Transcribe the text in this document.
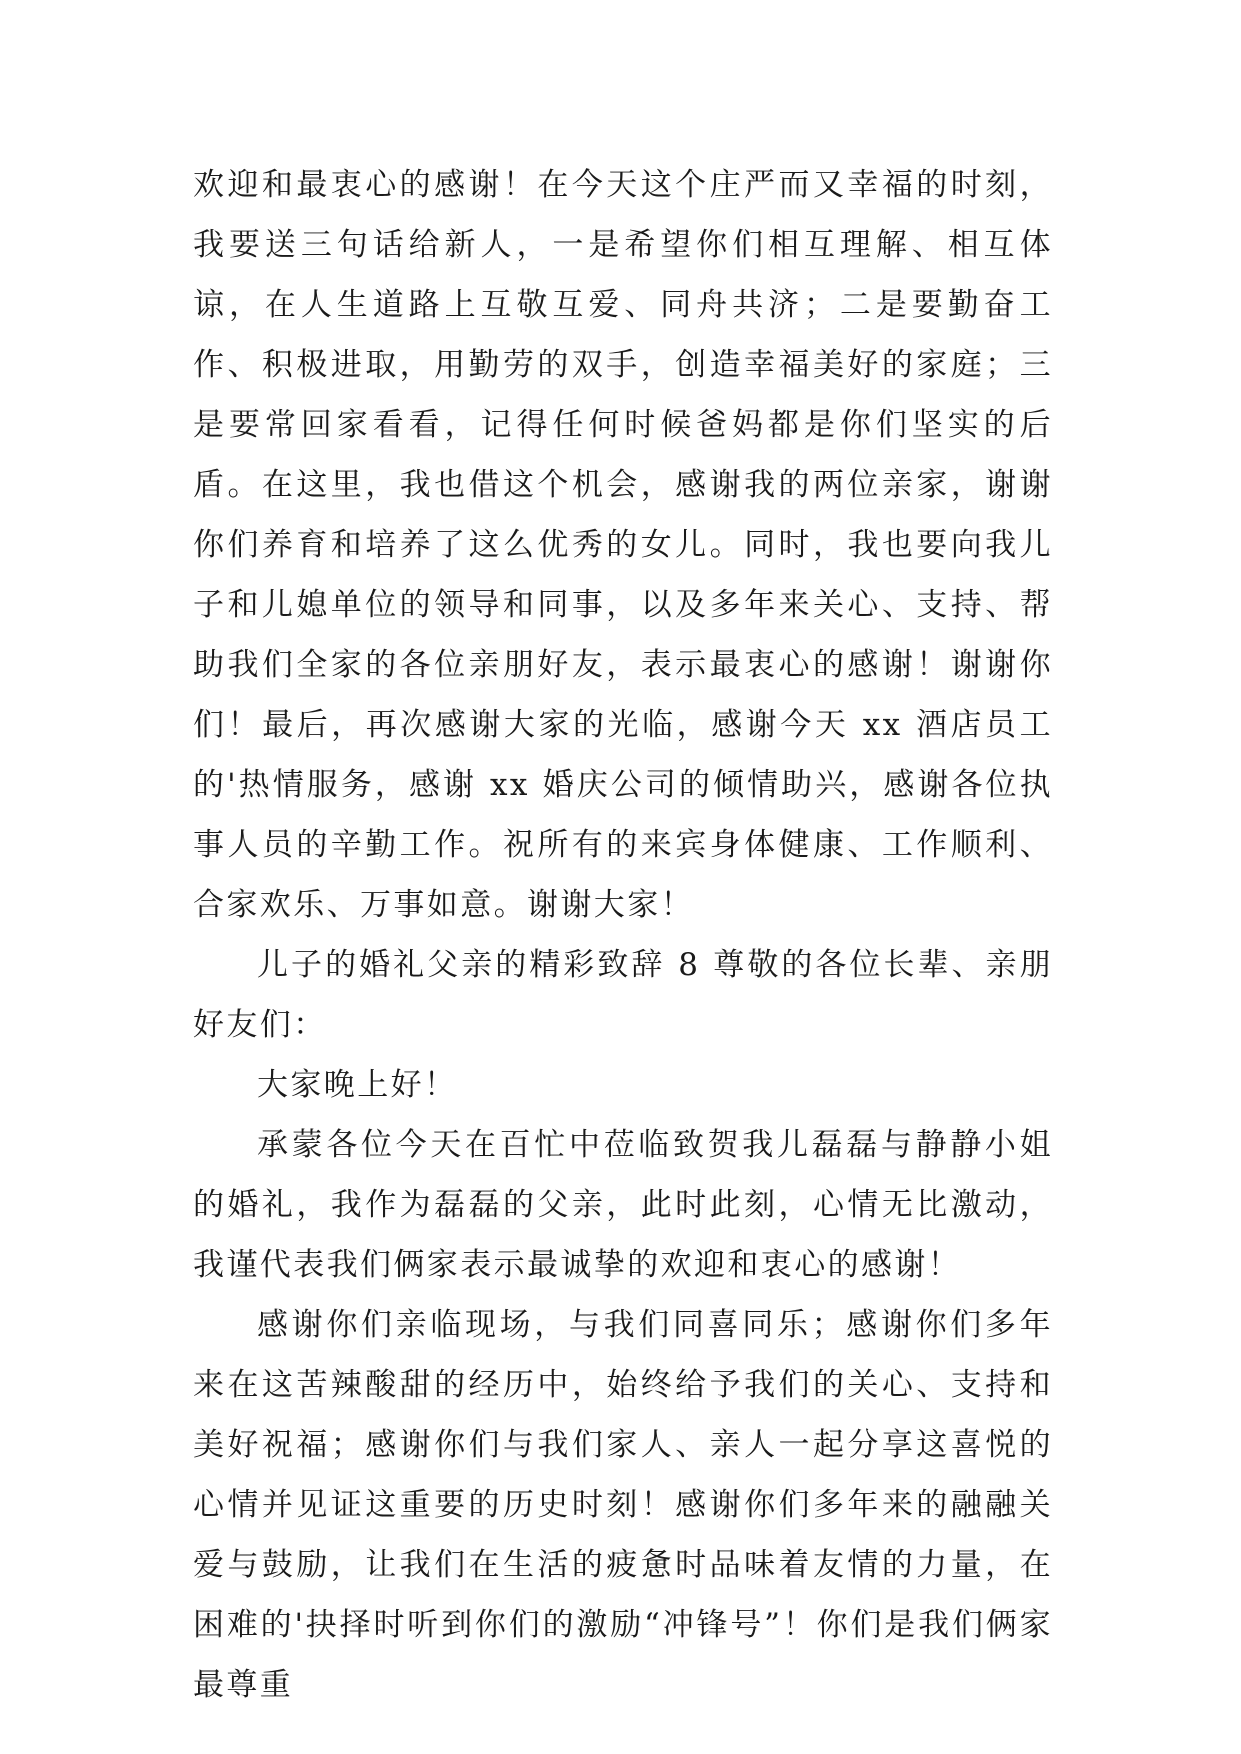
欢迎和最衷心的感谢！在今天这个庄严而又幸福的时刻，我要送三句话给新人，一是希望你们相互理解、相互体谅，在人生道路上互敬互爱、同舟共济；二是要勤奋工作、积极进取，用勤劳的双手，创造幸福美好的家庭；三是要常回家看看，记得任何时候爸妈都是你们坚实的后盾。在这里，我也借这个机会，感谢我的两位亲家，谢谢你们养育和培养了这么优秀的女儿。同时，我也要向我儿子和儿媳单位的领导和同事，以及多年来关心、支持、帮助我们全家的各位亲朋好友，表示最衷心的感谢！谢谢你们！最后，再次感谢大家的光临，感谢今天 xx 酒店员工的'热情服务，感谢 xx 婚庆公司的倾情助兴，感谢各位执事人员的辛勤工作。祝所有的来宾身体健康、工作顺利、合家欢乐、万事如意。谢谢大家！

儿子的婚礼父亲的精彩致辞 8 尊敬的各位长辈、亲朋好友们：

大家晚上好！

承蒙各位今天在百忙中莅临致贺我儿磊磊与静静小姐的婚礼，我作为磊磊的父亲，此时此刻，心情无比激动，我谨代表我们俩家表示最诚挚的欢迎和衷心的感谢！

感谢你们亲临现场，与我们同喜同乐；感谢你们多年来在这苦辣酸甜的经历中，始终给予我们的关心、支持和美好祝福；感谢你们与我们家人、亲人一起分享这喜悦的心情并见证这重要的历史时刻！感谢你们多年来的融融关爱与鼓励，让我们在生活的疲惫时品味着友情的力量，在困难的'抉择时听到你们的激励“冲锋号”！你们是我们俩家最尊重
